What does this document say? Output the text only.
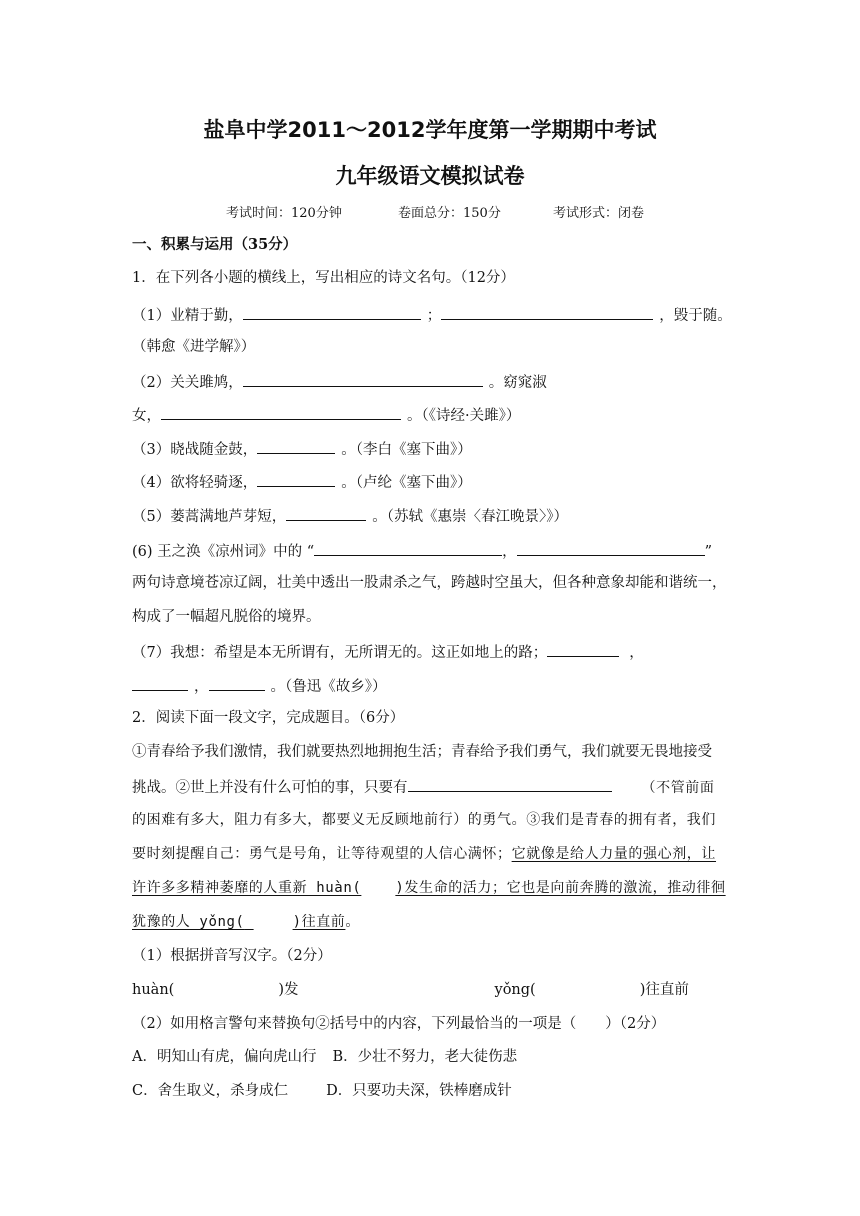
盐阜中学2011～2012学年度第一学期期中考试
九年级语文模拟试卷
考试时间：120分钟	卷面总分：150分	考试形式：闭卷
一、积累与运用（35分）
1．在下列各小题的横线上，写出相应的诗文名句。（12分）
（1）业精于勤，	；	，毁于随。
（韩愈《进学解》）
（2）关关雎鸠，	。窈窕淑
女，	。（《诗经·关雎》）
（3）晓战随金鼓，	。（李白《塞下曲》）
（4）欲将轻骑逐，	。（卢纶《塞下曲》）
（5）蒌蒿满地芦芽短，	。（苏轼《惠崇〈春江晚景〉》）
(6) 王之涣《凉州词》中的 “	，	”
两句诗意境苍凉辽阔，壮美中透出一股肃杀之气，跨越时空虽大，但各种意象却能和谐统一，
构成了一幅超凡脱俗的境界。
（7）我想：希望是本无所谓有，无所谓无的。这正如地上的路；	，
，	。（鲁迅《故乡》）
2．阅读下面一段文字，完成题目。（6分）
①青春给予我们激情，我们就要热烈地拥抱生活；青春给予我们勇气，我们就要无畏地接受
挑战。②世上并没有什么可怕的事，只要有	（不管前面
的困难有多大，阻力有多大，都要义无反顾地前行）的勇气。③我们是青春的拥有者，我们
要时刻提醒自己：勇气是号角，让等待观望的人信心满怀；它就像是给人力量的强心剂，让
许许多多精神萎靡的人重新 huàn( )发生命的活力；它也是向前奔腾的激流，推动徘徊
犹豫的人 yǒng(	)往直前。
（1）根据拼音写汉字。（2分）
huàn(	)发	yǒng(	)往直前
（2）如用格言警句来替换句②括号中的内容，下列最恰当的一项是（　　）（2分）
A．明知山有虎，偏向虎山行 B．少壮不努力，老大徒伤悲
C．舍生取义，杀身成仁	D．只要功夫深，铁棒磨成针
